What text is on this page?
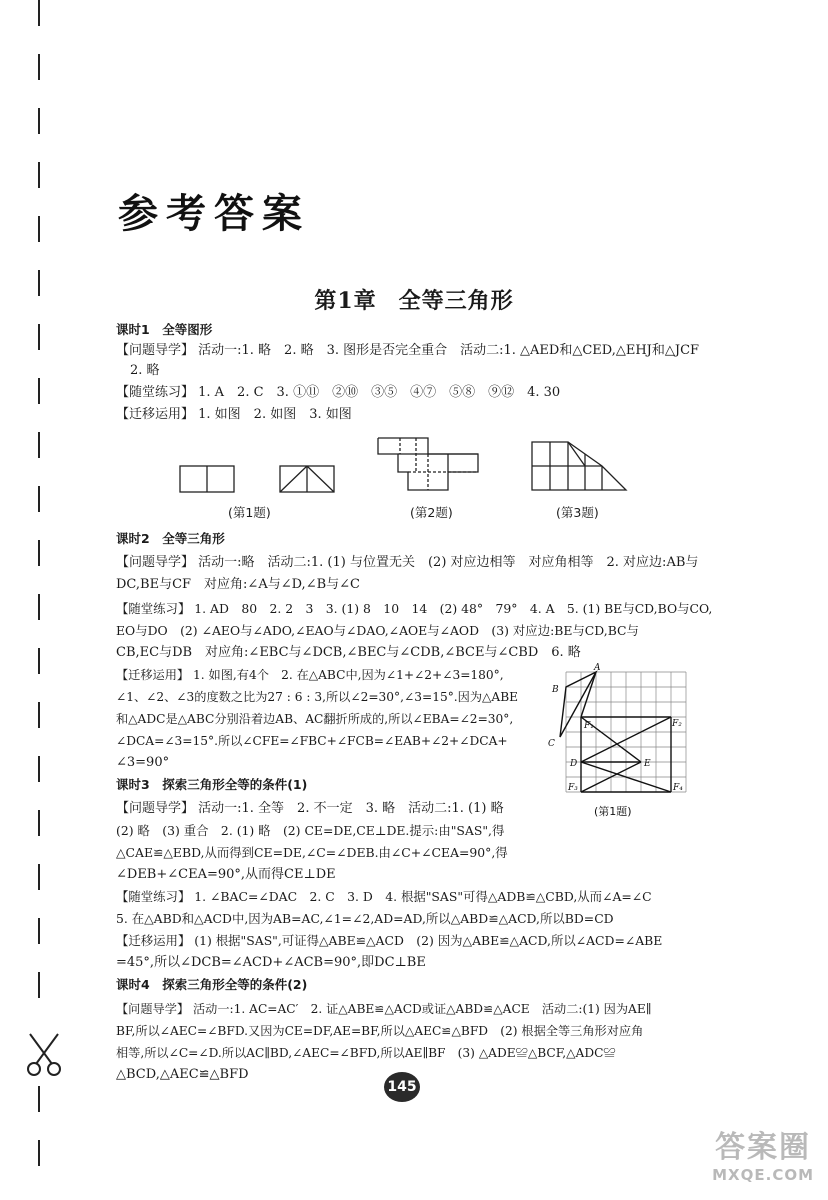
参考答案
第1章 全等三角形
课时1　全等图形
【问题导学】 活动一:1. 略　2. 略　3. 图形是否完全重合　活动二:1. △AED和△CED,△EHJ和△JCF
2. 略
【随堂练习】 1. A　2. C　3. ①⑪　②⑩　③⑤　④⑦　⑤⑧　⑨⑫　4. 30
【迁移运用】 1. 如图　2. 如图　3. 如图
(第1题)	(第2题)	(第3题)
课时2　全等三角形
【问题导学】 活动一:略　活动二:1. (1) 与位置无关　(2) 对应边相等　对应角相等　2. 对应边:AB与
DC,BE与CF　对应角:∠A与∠D,∠B与∠C
【随堂练习】 1. AD　80　2. 2　3　3. (1) 8　10　14　(2) 48°　79°　4. A　5. (1) BE与CD,BO与CO,
EO与DO　(2) ∠AEO与∠ADO,∠EAO与∠DAO,∠AOE与∠AOD　(3) 对应边:BE与CD,BC与
CB,EC与DB　对应角:∠EBC与∠DCB,∠BEC与∠CDB,∠BCE与∠CBD　6. 略
【迁移运用】 1. 如图,有4个　2. 在△ABC中,因为∠1+∠2+∠3=180°,
∠1、∠2、∠3的度数之比为27 : 6 : 3,所以∠2=30°,∠3=15°.因为△ABE
和△ADC是△ABC分别沿着边AB、AC翻折所成的,所以∠EBA=∠2=30°,
∠DCA=∠3=15°.所以∠CFE=∠FBC+∠FCB=∠EAB+∠2+∠DCA+
∠3=90°
A
B
C
D	E
F₁	F₂
F₃	F₄
(第1题)
课时3　探索三角形全等的条件(1)
【问题导学】 活动一:1. 全等　2. 不一定　3. 略　活动二:1. (1) 略
(2) 略　(3) 重合　2. (1) 略　(2) CE=DE,CE⊥DE.提示:由"SAS",得
△CAE≌△EBD,从而得到CE=DE,∠C=∠DEB.由∠C+∠CEA=90°,得
∠DEB+∠CEA=90°,从而得CE⊥DE
【随堂练习】 1. ∠BAC=∠DAC　2. C　3. D　4. 根据"SAS"可得△ADB≌△CBD,从而∠A=∠C
5. 在△ABD和△ACD中,因为AB=AC,∠1=∠2,AD=AD,所以△ABD≌△ACD,所以BD=CD
【迁移运用】 (1) 根据"SAS",可证得△ABE≌△ACD　(2) 因为△ABE≌△ACD,所以∠ACD=∠ABE
=45°,所以∠DCB=∠ACD+∠ACB=90°,即DC⊥BE
课时4　探索三角形全等的条件(2)
【问题导学】 活动一:1. AC=AC′　2. 证△ABE≌△ACD或证△ABD≌△ACE　活动二:(1) 因为AE∥
BF,所以∠AEC=∠BFD.又因为CE=DF,AE=BF,所以△AEC≌△BFD　(2) 根据全等三角形对应角
相等,所以∠C=∠D.所以AC∥BD,∠AEC=∠BFD,所以AE∥BF　(3) △ADE≌△BCF,△ADC≌
△BCD,△AEC≌△BFD
145
答案圈
MXQE.COM
